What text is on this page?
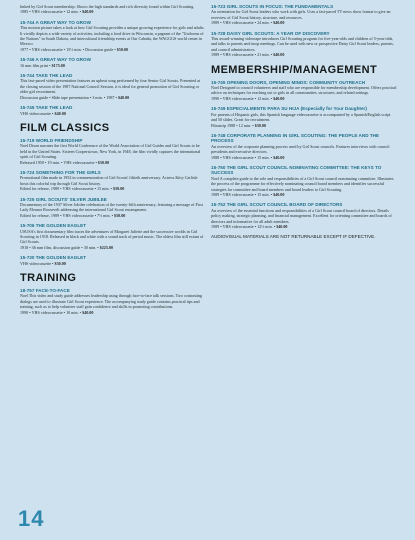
linked by Girl Scout membership. Shows the high standards and rich diversity found within Girl Scouting.
1985 • VHS videocassette • 12 min. • $40.00
15-744 A GREAT WAY TO GROW
This motion picture takes a look at how Girl Scouting provides a unique growing experience for girls and adults. It vividly depicts a wide variety of activities, including a food drive in Wisconsin, a pageant of the "Uniforms of the Nations" in South Dakota, and intercultural friendship events at Our Cabaña, the WAGGGS world center in Mexico.
1977 • VHS videocassette • 15½ min. • Discussion guide • $50.00
15-746 A GREAT WAY TO GROW
16 mm film print • $175.00
15-744 TAKE THE LEAD
This fast-paced video presentation features an upbeat song performed by four Senior Girl Scouts. Presented at the closing session of the 1987 National Council Session, it is ideal for general promotion of Girl Scouting or older girl recruitment.
Discussion guide • Slide tape presentation • 3 min. • 1987 • $40.00
15-745 TAKE THE LEAD
VHS videocassette • $40.00
FILM CLASSICS
15-719 WORLD FRIENDSHIP
Noel Dixon narrates the first World Conference of the World Association of Girl Guides and Girl Scouts to be held in the United States. Sixteen Cooperstown, New York, in 1948, the film vividly captures the international spirit of Girl Scouting.
Released 1950 • 19 min. • VHS videocassette • $50.00
15-724 SOMETHING FOR THE GIRLS
Promotional film made in 1952 in commemoration of Girl Scouts' fiftieth anniversary. Actress Kitty Carlisle hosts this colorful trip through Girl Scout history.
Edited for release, 1989 • VHS videocassette • 15 min. • $50.00
15-725 GIRL SCOUTS' SILVER JUBILEE
Documentary of the 1937 Silver Jubilee celebration of the twenty-fifth anniversary, featuring a message of First Lady Eleanor Roosevelt addressing the international Girl Scout encampment.
Edited for release, 1989 • VHS videocassette • 7½ min. • $50.00
15-706 THE GOLDEN EAGLET
USUSA's first documentary film traces the adventures of Margaret Juliette and the successive worlds in Girl Scouting in 1918. Released in black and white with a sound track of period music. The oldest film still extant of Girl Scouts.
1918 • 36 mm film, discussion guide • 30 min. • $225.00
15-730 THE GOLDEN EAGLET
VHS videocassette • $30.00
TRAINING
18-757 FACE-TO-FACE
Noel This video and study guide addresses leadership using through face-to-face talk sessions. Two contrasting dialogs are used to illustrate Girl Scout experience. The accompanying study guide contains practical tips and training, such as to help volunteer staff gain confidence and skills in promoting contributions.
1990 • VHS videocassette • 10 min. • $40.00
15-723 GIRL SCOUTS IN FOCUS: THE FUNDAMENTALS
An orientation for Girl Scout leaders who work with girls. Uses a fast-paced TV news show format to give an overview of Girl Scout history, structure, and resources.
1989 • VHS videocassette • 24 min. • $40.00
15-728 DAISY GIRL SCOUTS: A YEAR OF DISCOVERY
This award-winning videotape introduces Girl Scouting program for five-year-olds and children of 5-year-olds, and talks to parents and troop meetings. Can be used with new or prospective Daisy Girl Scout leaders, parents, and council administrators.
1989 • VHS videocassette • 21 min. • $40.00
MEMBERSHIP/MANAGEMENT
15-745 OPENING DOORS, OPENING MINDS: COMMUNITY OUTREACH
Noel Designed to council volunteers and staff who are responsible for membership development. Offers practical advice on techniques for reaching out to girls in all communities, structures, and related settings.
1990 • VHS videocassette • 12 min. • $40.00
15-749 ESPECIALMENTE PARA SU HIJA (Especially for Your Daughter)
For parents of Hispanic girls, this Spanish language videocassette is accompanied by a Spanish/English script and 50 slides. Great for recruitment.
Filmstrip 1988 • 12 min. • $30.00
15-748 CORPORATE PLANNING IN GIRL SCOUTING: THE PEOPLE AND THE PROCESS
An overview of the corporate planning process used by Girl Scout councils. Features interviews with council presidents and executive directors.
1988 • VHS videocassette • 15 min. • $40.00
15-750 THE GIRL SCOUT COUNCIL NOMINATING COMMITTEE: THE KEYS TO SUCCESS
Noel A complete guide to the role and responsibilities of a Girl Scout council nominating committee. Illustrates the process of the programme for effectively nominating council board members and identifies successful strategies for committee and board members and board leaders to Girl Scouting.
1989 • VHS videocassette • 15 min. • $40.00
15-752 THE GIRL SCOUT COUNCIL BOARD OF DIRECTORS
An overview of the essential functions and responsibilities of a Girl Scout council board of directors. Details policy making, strategic planning, and financial management. Excellent for orienting committee and boards of directors and informative for all adult members.
1989 • VHS videocassette • 12½ min. • $40.00
AUDIOVISUAL MATERIALS ARE NOT RETURNABLE EXCEPT IF DEFECTIVE.
14
